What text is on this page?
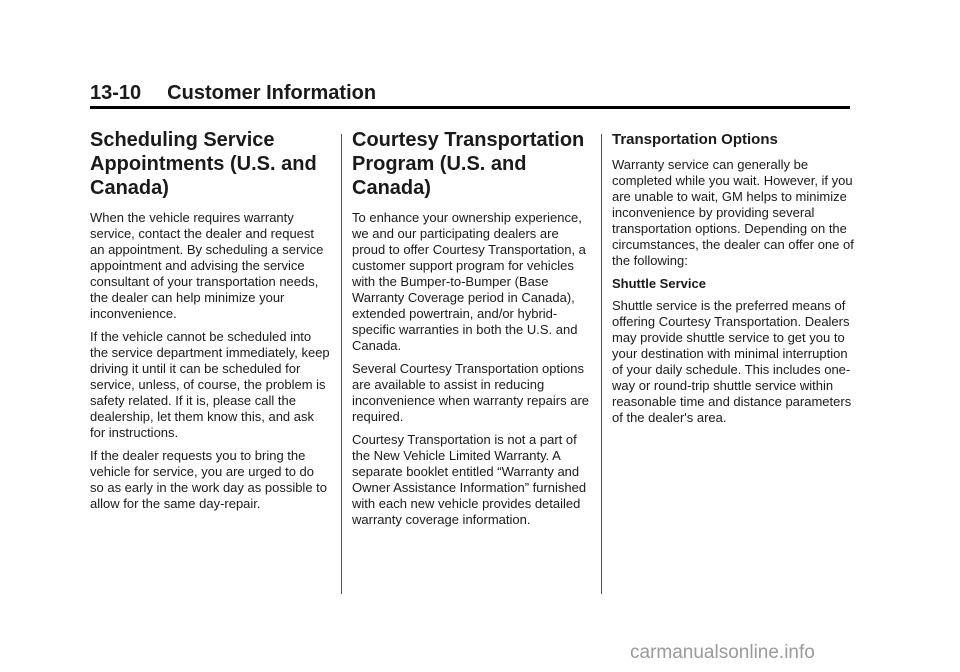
13-10 Customer Information
Scheduling Service Appointments (U.S. and Canada)

When the vehicle requires warranty service, contact the dealer and request an appointment. By scheduling a service appointment and advising the service consultant of your transportation needs, the dealer can help minimize your inconvenience.

If the vehicle cannot be scheduled into the service department immediately, keep driving it until it can be scheduled for service, unless, of course, the problem is safety related. If it is, please call the dealership, let them know this, and ask for instructions.

If the dealer requests you to bring the vehicle for service, you are urged to do so as early in the work day as possible to allow for the same day-repair.

Courtesy Transportation Program (U.S. and Canada)

To enhance your ownership experience, we and our participating dealers are proud to offer Courtesy Transportation, a customer support program for vehicles with the Bumper-to-Bumper (Base Warranty Coverage period in Canada), extended powertrain, and/or hybrid-specific warranties in both the U.S. and Canada.

Several Courtesy Transportation options are available to assist in reducing inconvenience when warranty repairs are required.

Courtesy Transportation is not a part of the New Vehicle Limited Warranty. A separate booklet entitled “Warranty and Owner Assistance Information” furnished with each new vehicle provides detailed warranty coverage information.

Transportation Options

Warranty service can generally be completed while you wait. However, if you are unable to wait, GM helps to minimize inconvenience by providing several transportation options. Depending on the circumstances, the dealer can offer one of the following:

Shuttle Service

Shuttle service is the preferred means of offering Courtesy Transportation. Dealers may provide shuttle service to get you to your destination with minimal interruption of your daily schedule. This includes one-way or round-trip shuttle service within reasonable time and distance parameters of the dealer's area.

carmanualsonline.info
